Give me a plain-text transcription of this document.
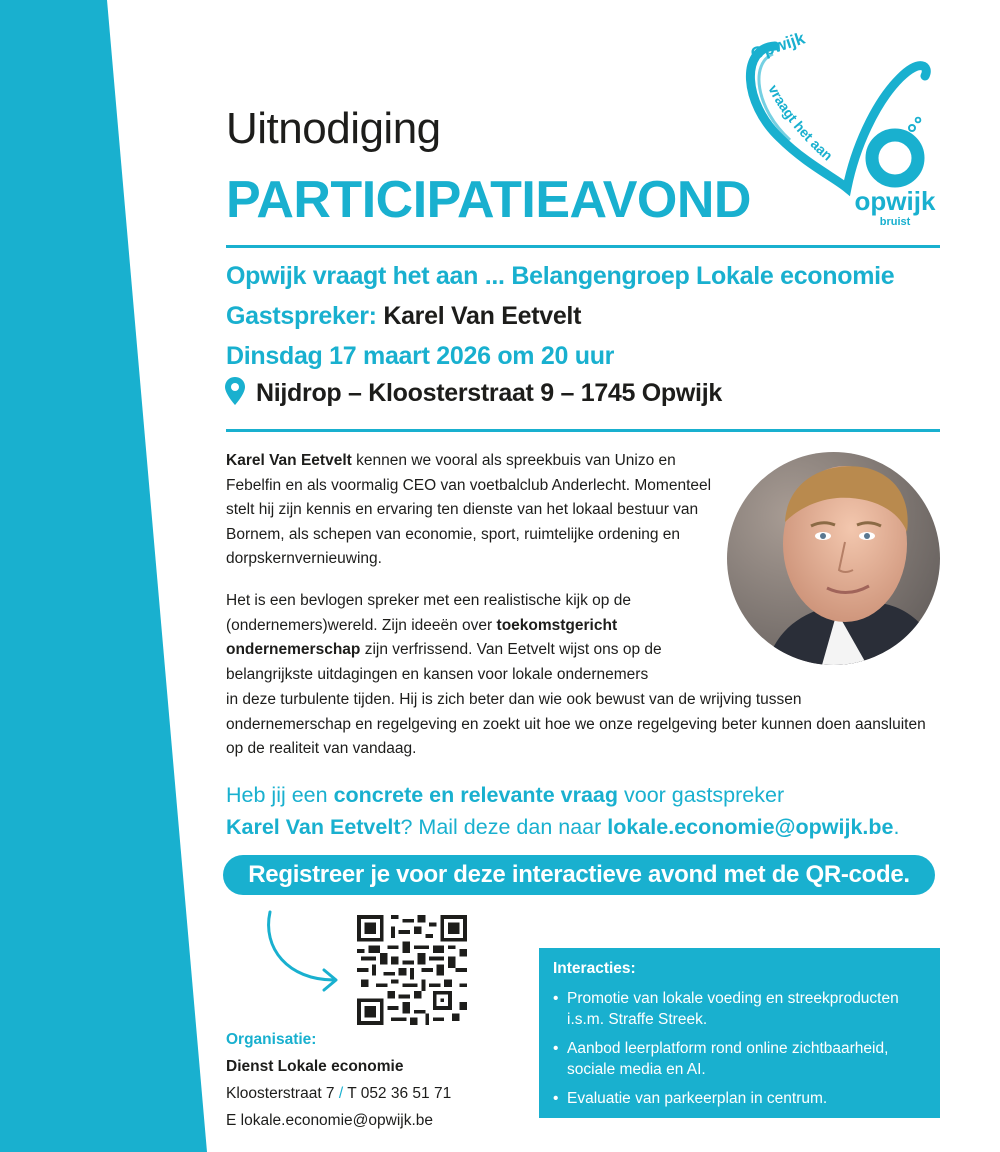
Opwijk
vraagt het aan
opwijk
bruist
Uitnodiging
PARTICIPATIEAVOND
Opwijk vraagt het aan ... Belangengroep Lokale economie
Gastspreker: Karel Van Eetvelt
Dinsdag 17 maart 2026 om 20 uur
Nijdrop – Kloosterstraat 9 – 1745 Opwijk
Karel Van Eetvelt kennen we vooral als spreekbuis van Unizo en Febelfin en als voormalig CEO van voetbalclub Anderlecht. Momenteel stelt hij zijn kennis en ervaring ten dienste van het lokaal bestuur van Bornem, als schepen van economie, sport, ruimtelijke ordening en dorpskernvernieuwing.
Het is een bevlogen spreker met een realistische kijk op de (ondernemers)wereld. Zijn ideeën over toekomstgericht ondernemerschap zijn verfrissend. Van Eetvelt wijst ons op de belangrijkste uitdagingen en kansen voor lokale ondernemers
in deze turbulente tijden. Hij is zich beter dan wie ook bewust van de wrijving tussen ondernemerschap en regelgeving en zoekt uit hoe we onze regelgeving beter kunnen doen aansluiten op de realiteit van vandaag.
Heb jij een concrete en relevante vraag voor gastspreker
Karel Van Eetvelt? Mail deze dan naar lokale.economie@opwijk.be.
Registreer je voor deze interactieve avond met de QR-code.
Organisatie:
Dienst Lokale economie
Kloosterstraat 7 / T 052 36 51 71
E lokale.economie@opwijk.be
Interacties:
• Promotie van lokale voeding en streekproducten i.s.m. Straffe Streek.
• Aanbod leerplatform rond online zichtbaarheid, sociale media en AI.
• Evaluatie van parkeerplan in centrum.
